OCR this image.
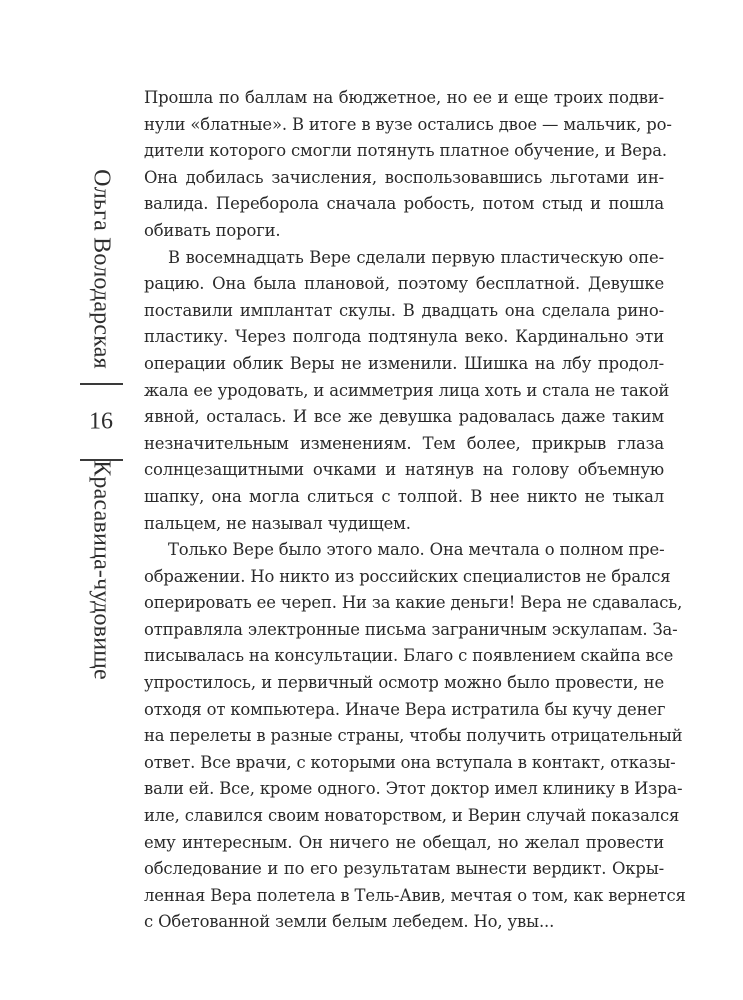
Ольга Володарская
16
Красавица-чудовище
Прошла по баллам на бюджетное, но ее и еще троих подви-
нули «блатные». В итоге в вузе остались двое — мальчик, ро-
дители которого смогли потянуть платное обучение, и Вера.
Она добилась зачисления, воспользовавшись льготами ин-
валида. Переборола сначала робость, потом стыд и пошла
обивать пороги.
В восемнадцать Вере сделали первую пластическую опе-
рацию. Она была плановой, поэтому бесплатной. Девушке
поставили имплантат скулы. В двадцать она сделала рино-
пластику. Через полгода подтянула веко. Кардинально эти
операции облик Веры не изменили. Шишка на лбу продол-
жала ее уродовать, и асимметрия лица хоть и стала не такой
явной, осталась. И все же девушка радовалась даже таким
незначительным изменениям. Тем более, прикрыв глаза
солнцезащитными очками и натянув на голову объемную
шапку, она могла слиться с толпой. В нее никто не тыкал
пальцем, не называл чудищем.
Только Вере было этого мало. Она мечтала о полном пре-
ображении. Но никто из российских специалистов не брался
оперировать ее череп. Ни за какие деньги! Вера не сдавалась,
отправляла электронные письма заграничным эскулапам. За-
писывалась на консультации. Благо с появлением скайпа все
упростилось, и первичный осмотр можно было провести, не
отходя от компьютера. Иначе Вера истратила бы кучу денег
на перелеты в разные страны, чтобы получить отрицательный
ответ. Все врачи, с которыми она вступала в контакт, отказы-
вали ей. Все, кроме одного. Этот доктор имел клинику в Изра-
иле, славился своим новаторством, и Верин случай показался
ему интересным. Он ничего не обещал, но желал провести
обследование и по его результатам вынести вердикт. Окры-
ленная Вера полетела в Тель-Авив, мечтая о том, как вернется
с Обетованной земли белым лебедем. Но, увы...
